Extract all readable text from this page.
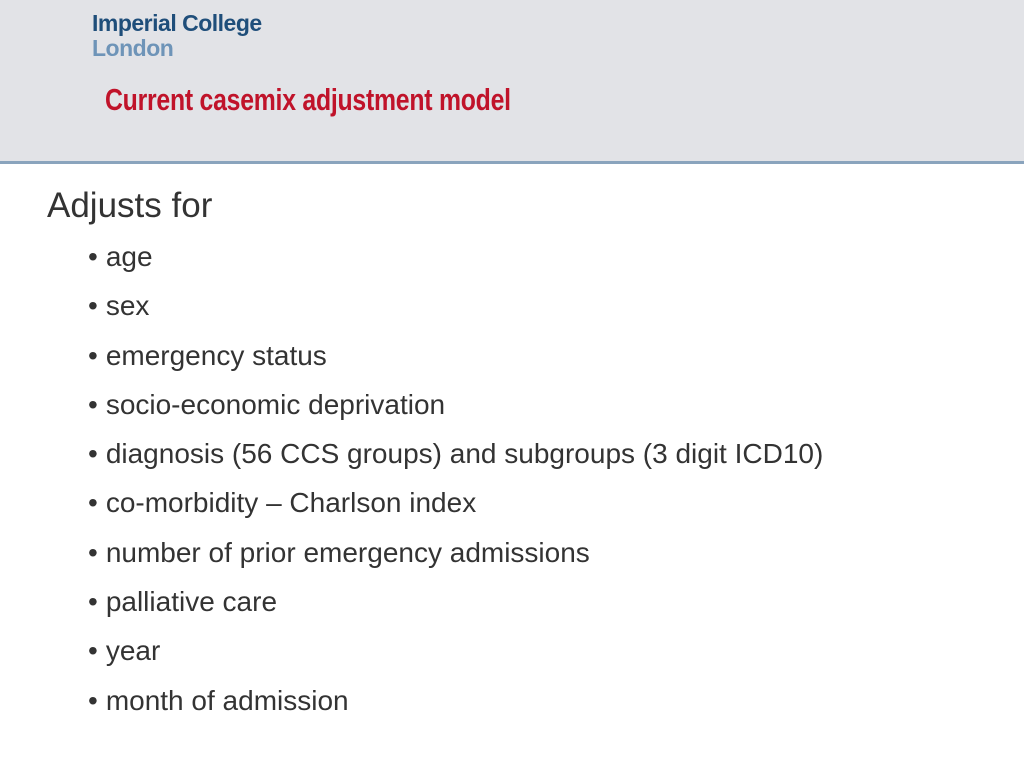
Imperial College
London
Current casemix adjustment model

Adjusts for

• age
• sex
• emergency status
• socio-economic deprivation
• diagnosis (56 CCS groups) and subgroups (3 digit ICD10)
• co-morbidity – Charlson index
• number of prior emergency admissions
• palliative care
• year
• month of admission
